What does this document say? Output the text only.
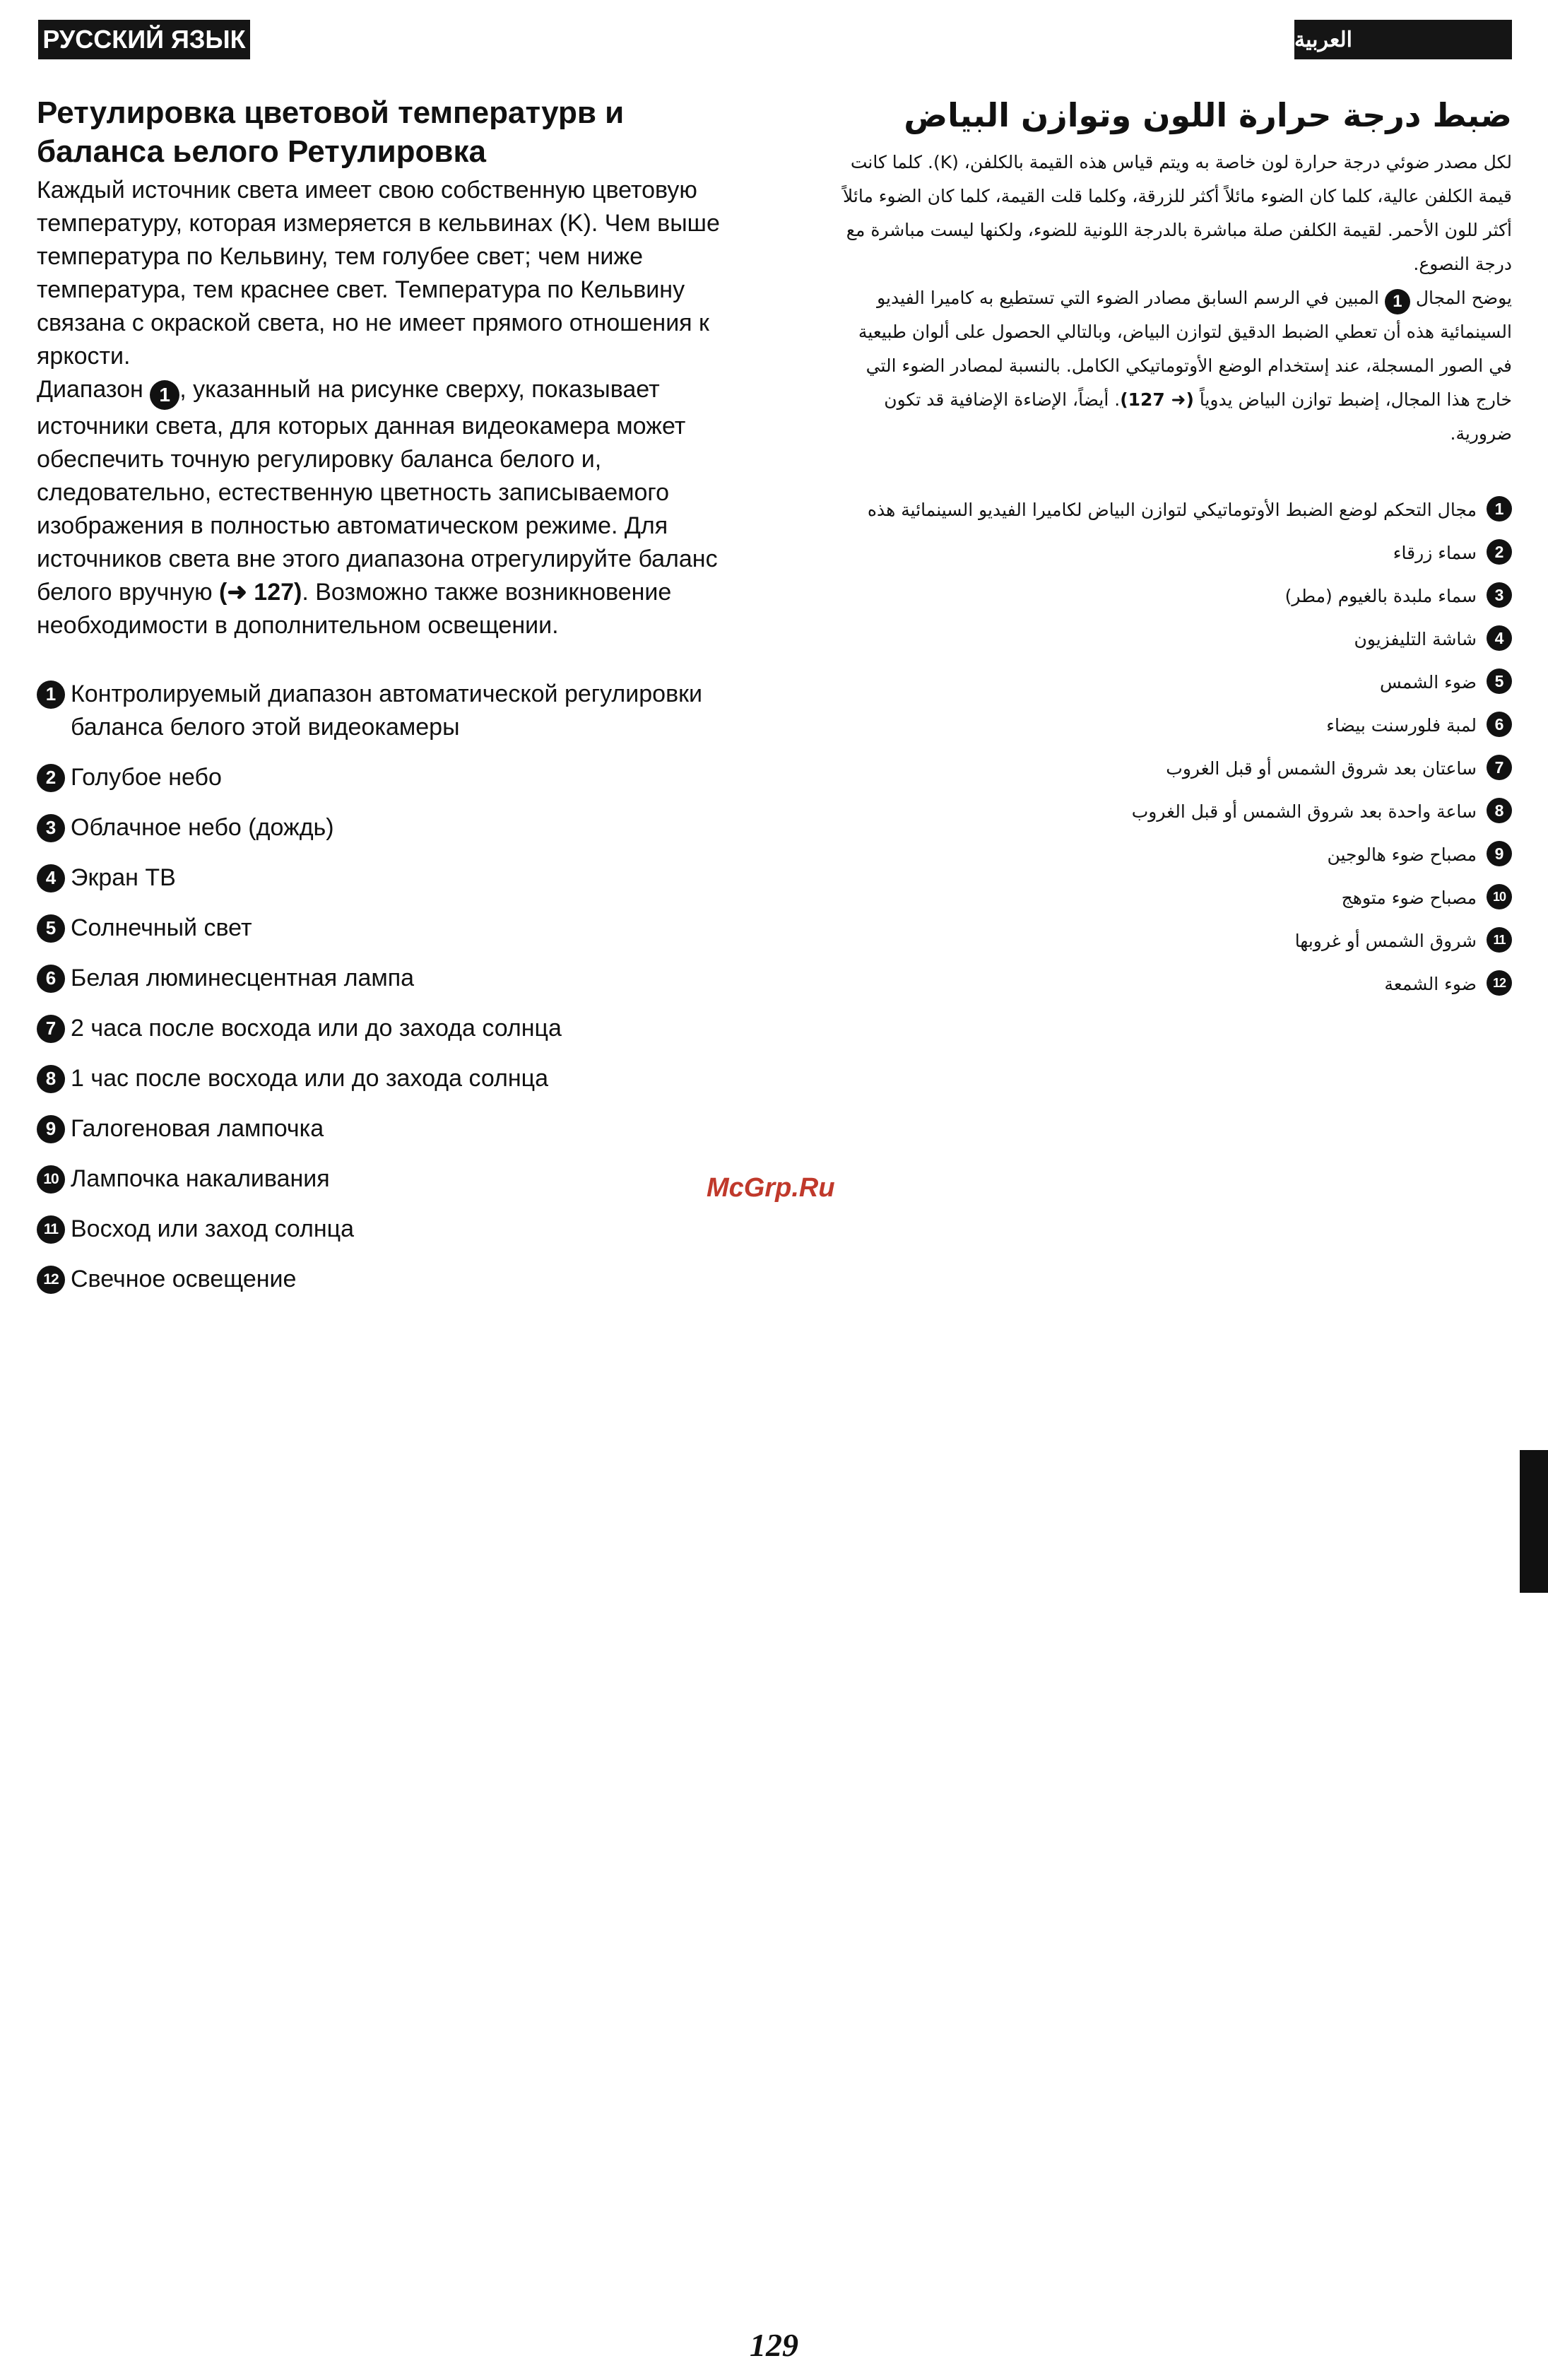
РУССКИЙ ЯЗЫК	العربية
Ретулировка цветовой температурв и баланса ьелого Ретулировка

Каждый источник света имеет свою собственную цветовую температуру, которая измеряется в кельвинах (K). Чем выше температура по Кельвину, тем голубее свет; чем ниже температура, тем краснее свет. Температура по Кельвину связана с окраской света, но не имеет прямого отношения к яркости.

Диапазон 1 , указанный на рисунке сверху, показывает источники света, для которых данная видеокамера может обеспечить точную регулировку баланса белого и, следовательно, естественную цветность записываемого изображения в полностью автоматическом режиме. Для источников света вне этого диапазона отрегулируйте баланс белого вручную (➜ 127). Возможно также возникновение необходимости в дополнительном освещении.

1 Контролируемый диапазон автоматической регулировки баланса белого этой видеокамеры
2 Голубое небо
3 Облачное небо (дождь)
4 Экран ТВ
5 Солнечный свет
6 Белая люминесцентная лампа
7 2 часа после восхода или до захода солнца
8 1 час после восхода или до захода солнца
9 Галогеновая лампочка
10 Лампочка накаливания
11 Восход или заход солнца
12 Свечное освещение
ضبط درجة حرارة اللون وتوازن البياض

لكل مصدر ضوئي درجة حرارة لون خاصة به ويتم قياس هذه القيمة بالكلفن، (K). كلما كانت قيمة الكلفن عالية، كلما كان الضوء مائلاً أكثر للزرقة، وكلما قلت القيمة، كلما كان الضوء مائلاً أكثر للون الأحمر. لقيمة الكلفن صلة مباشرة بالدرجة اللونية للضوء، ولكنها ليست مباشرة مع درجة النصوع.

يوضح المجال 1 المبين في الرسم السابق مصادر الضوء التي تستطيع به كاميرا الفيديو السينمائية هذه أن تعطي الضبط الدقيق لتوازن البياض، وبالتالي الحصول على ألوان طبيعية في الصور المسجلة، عند إستخدام الوضع الأوتوماتيكي الكامل. بالنسبة لمصادر الضوء التي خارج هذا المجال، إضبط توازن البياض يدوياً (➜ 127). أيضاً، الإضاءة الإضافية قد تكون ضرورية.

1
مجال التحكم لوضع الضبط الأوتوماتيكي لتوازن البياض لكاميرا الفيديو السينمائية هذه
2
سماء زرقاء
3
سماء ملبدة بالغيوم (مطر)
4
شاشة التليفزيون
5
ضوء الشمس
6
لمبة فلورسنت بيضاء
7
ساعتان بعد شروق الشمس أو قبل الغروب
8
ساعة واحدة بعد شروق الشمس أو قبل الغروب
9
مصباح ضوء هالوجين
10
مصباح ضوء متوهج
11
شروق الشمس أو غروبها
12
ضوء الشمعة
McGrp.Ru
129
